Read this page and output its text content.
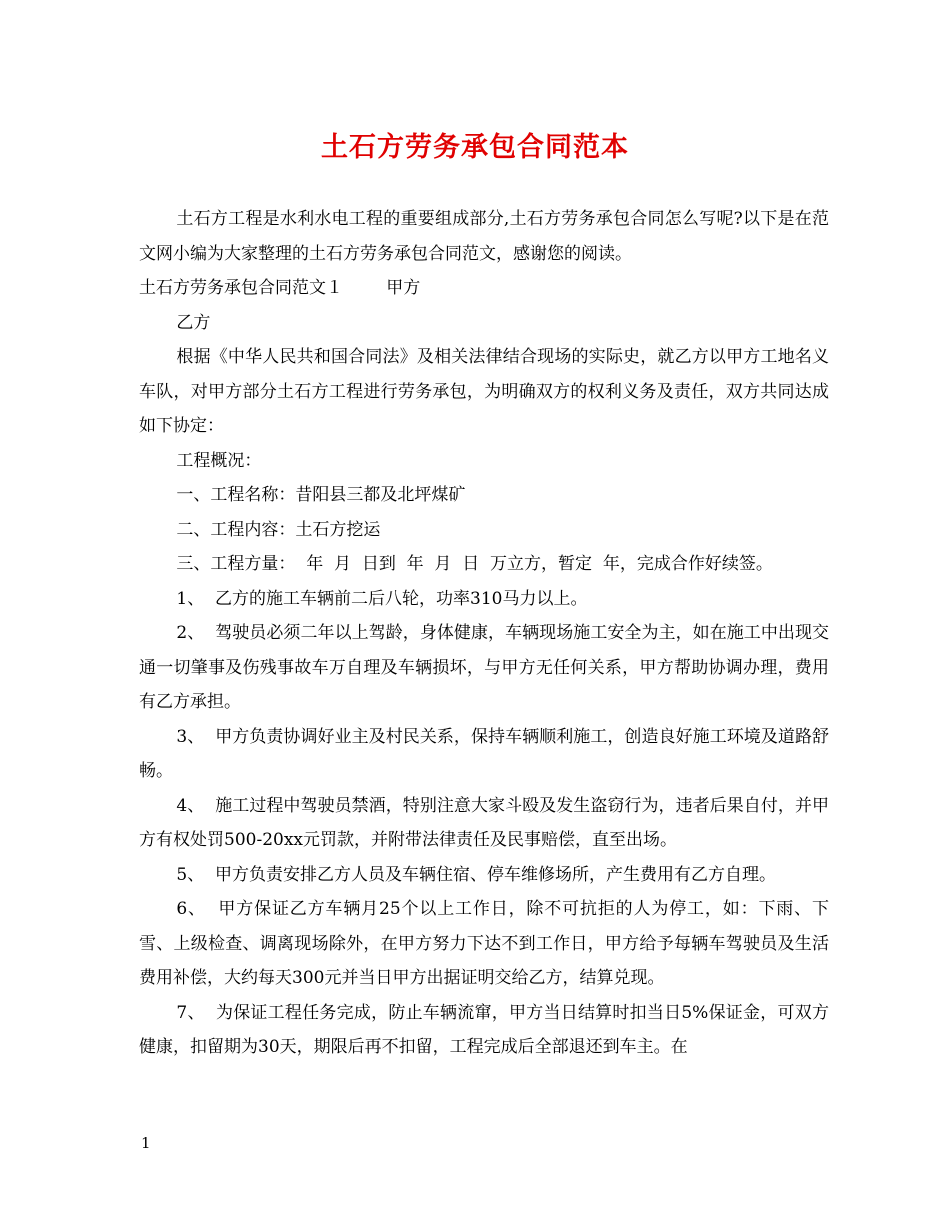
土石方劳务承包合同范本

土石方工程是水利水电工程的重要组成部分,土石方劳务承包合同怎么写呢?以下是在范文网小编为大家整理的土石方劳务承包合同范文，感谢您的阅读。

土石方劳务承包合同范文１        甲方

乙方

根据《中华人民共和国合同法》及相关法律结合现场的实际史，就乙方以甲方工地名义车队，对甲方部分土石方工程进行劳务承包，为明确双方的权利义务及责任，双方共同达成如下协定：

工程概况：

一、工程名称：昔阳县三都及北坪煤矿

二、工程内容：土石方挖运

三、工程方量：  年  月  日到  年  月  日  万立方，暂定  年，完成合作好续签。

1、  乙方的施工车辆前二后八轮，功率310马力以上。

2、  驾驶员必须二年以上驾龄，身体健康，车辆现场施工安全为主，如在施工中出现交通一切肇事及伤残事故车万自理及车辆损坏，与甲方无任何关系，甲方帮助协调办理，费用有乙方承担。

3、  甲方负责协调好业主及村民关系，保持车辆顺利施工，创造良好施工环境及道路舒畅。

4、  施工过程中驾驶员禁酒，特别注意大家斗殴及发生盗窃行为，违者后果自付，并甲方有权处罚500-20xx元罚款，并附带法律责任及民事赔偿，直至出场。

5、  甲方负责安排乙方人员及车辆住宿、停车维修场所，产生费用有乙方自理。

6、  甲方保证乙方车辆月25个以上工作日，除不可抗拒的人为停工，如：下雨、下雪、上级检查、调离现场除外，在甲方努力下达不到工作日，甲方给予每辆车驾驶员及生活费用补偿，大约每天300元并当日甲方出据证明交给乙方，结算兑现。

7、  为保证工程任务完成，防止车辆流窜，甲方当日结算时扣当日5%保证金，可双方健康，扣留期为30天，期限后再不扣留，工程完成后全部退还到车主。在

1
